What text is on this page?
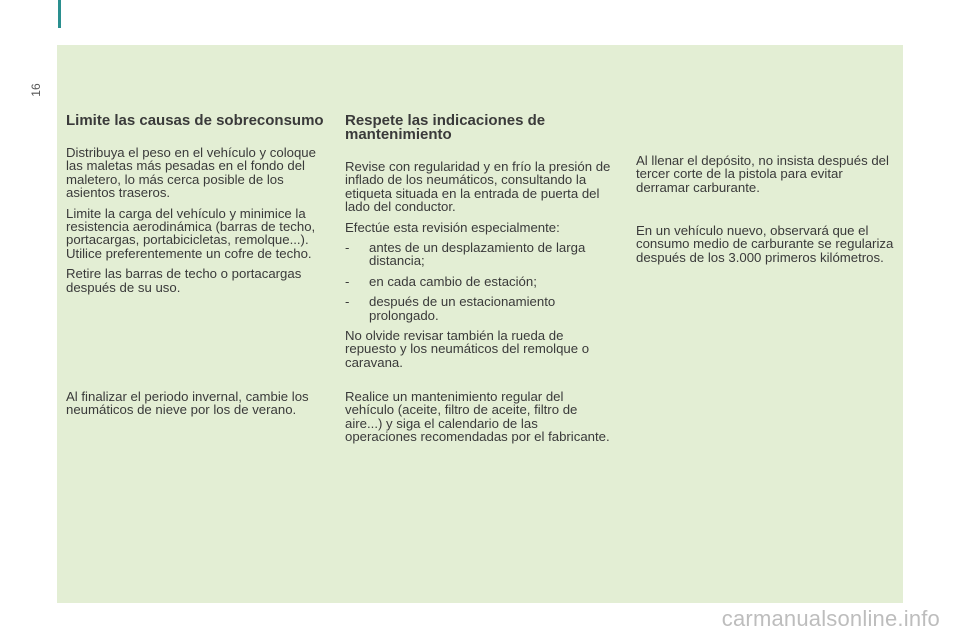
16
Limite las causas de sobreconsumo

Distribuya el peso en el vehículo y coloque las maletas más pesadas en el fondo del maletero, lo más cerca posible de los asientos traseros.

Limite la carga del vehículo y minimice la resistencia aerodinámica (barras de techo, portacargas, portabicicletas, remolque...). Utilice preferentemente un cofre de techo.

Retire las barras de techo o portacargas después de su uso.

Al finalizar el periodo invernal, cambie los neumáticos de nieve por los de verano.

Respete las indicaciones de mantenimiento

Revise con regularidad y en frío la presión de inflado de los neumáticos, consultando la etiqueta situada en la entrada de puerta del lado del conductor.

Efectúe esta revisión especialmente:

- antes de un desplazamiento de larga distancia;
- en cada cambio de estación;
- después de un estacionamiento prolongado.

No olvide revisar también la rueda de repuesto y los neumáticos del remolque o caravana.

Realice un mantenimiento regular del vehículo (aceite, filtro de aceite, filtro de aire...) y siga el calendario de las operaciones recomendadas por el fabricante.

Al llenar el depósito, no insista después del tercer corte de la pistola para evitar derramar carburante.

En un vehículo nuevo, observará que el consumo medio de carburante se regulariza después de los 3.000 primeros kilómetros.

carmanualsonline.info
